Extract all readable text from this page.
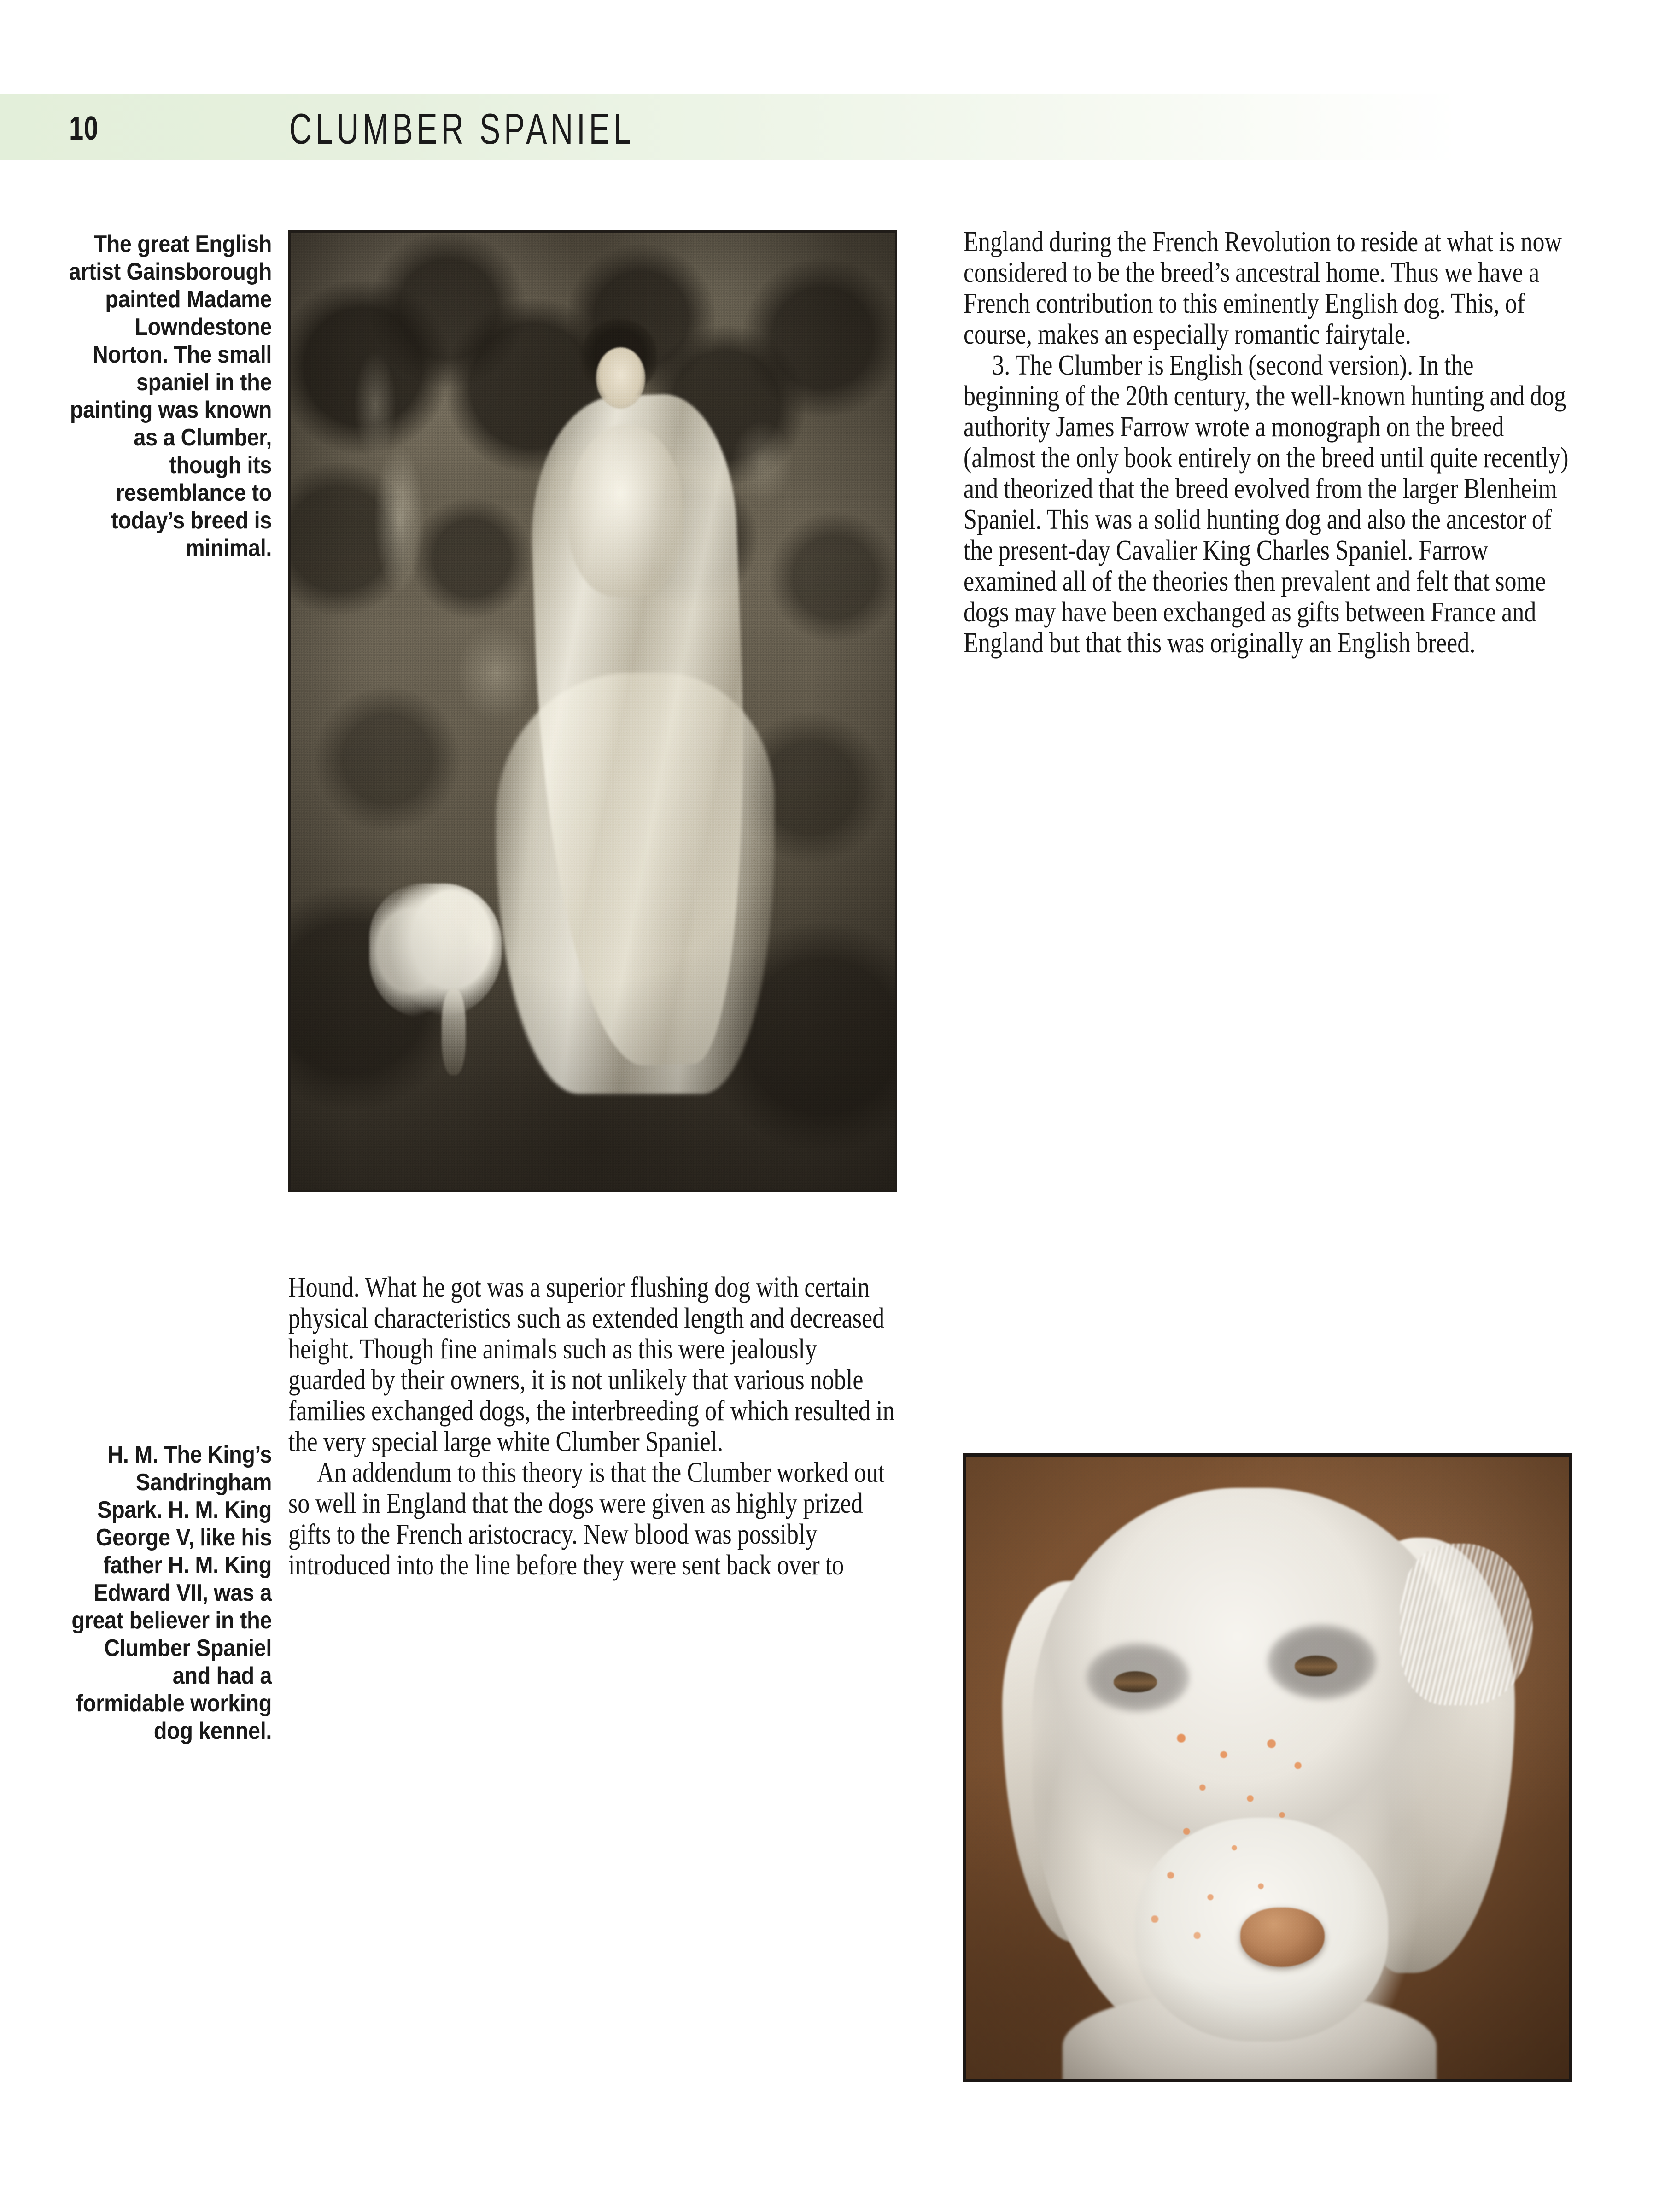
10	CLUMBER SPANIEL
The great English artist Gainsborough painted Madame Lowndestone Norton. The small spaniel in the painting was known as a Clumber, though its resemblance to today’s breed is minimal.

Hound. What he got was a superior flushing dog with certain physical characteristics such as extended length and decreased height. Though fine animals such as this were jealously guarded by their owners, it is not unlikely that various noble families exchanged dogs, the interbreeding of which resulted in the very special large white Clumber Spaniel.

An addendum to this theory is that the Clumber worked out so well in England that the dogs were given as highly prized gifts to the French aristocracy. New blood was possibly introduced into the line before they were sent back over to

H. M. The King’s Sandringham Spark. H. M. King George V, like his father H. M. King Edward VII, was a great believer in the Clumber Spaniel and had a formidable working dog kennel.

England during the French Revolution to reside at what is now considered to be the breed’s ancestral home. Thus we have a French contribution to this eminently English dog. This, of course, makes an especially romantic fairytale.

3. The Clumber is English (second version). In the beginning of the 20th century, the well-known hunting and dog authority James Farrow wrote a monograph on the breed (almost the only book entirely on the breed until quite recently) and theorized that the breed evolved from the larger Blenheim Spaniel. This was a solid hunting dog and also the ancestor of the present-day Cavalier King Charles Spaniel. Farrow examined all of the theories then prevalent and felt that some dogs may have been exchanged as gifts between France and England but that this was originally an English breed.
